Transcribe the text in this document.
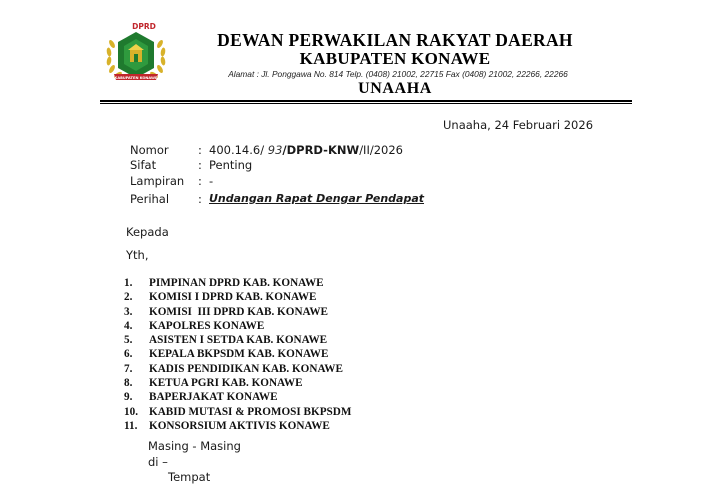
KABUPATEN KONAWE
DPRD
DEWAN PERWAKILAN RAKYAT DAERAH
KABUPATEN KONAWE
Alamat : Jl. Ponggawa No. 814 Telp. (0408) 21002, 22715 Fax (0408) 21002, 22266, 22266
UNAAHA
Unaaha, 24 Februari 2026
Nomor	: 400.14.6/ 93/DPRD-KNW/II/2026
Sifat	: Penting
Lampiran : -
Perihal	: Undangan Rapat Dengar Pendapat
Kepada
Yth,
1. PIMPINAN DPRD KAB. KONAWE
2. KOMISI I DPRD KAB. KONAWE
3. KOMISI  III DPRD KAB. KONAWE
4. KAPOLRES KONAWE
5. ASISTEN I SETDA KAB. KONAWE
6. KEPALA BKPSDM KAB. KONAWE
7. KADIS PENDIDIKAN KAB. KONAWE
8. KETUA PGRI KAB. KONAWE
9. BAPERJAKAT KONAWE
10. KABID MUTASI & PROMOSI BKPSDM
11. KONSORSIUM AKTIVIS KONAWE
Masing - Masing
di –
Tempat
